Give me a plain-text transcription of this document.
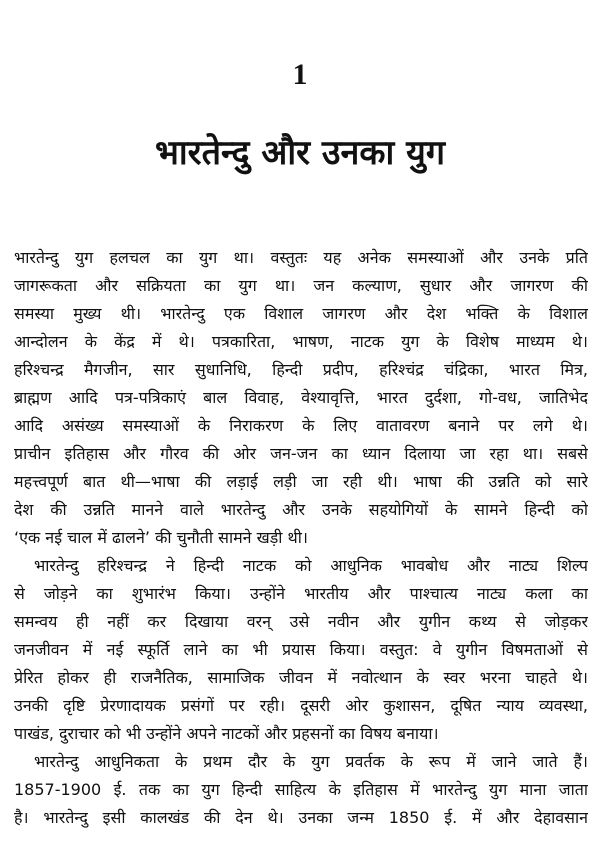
1
भारतेन्दु और उनका युग
भारतेन्दु युग हलचल का युग था। वस्तुतः यह अनेक समस्याओं और उनके प्रति
जागरूकता और सक्रियता का युग था। जन कल्याण, सुधार और जागरण की
समस्या मुख्य थी। भारतेन्दु एक विशाल जागरण और देश भक्ति के विशाल
आन्दोलन के केंद्र में थे। पत्रकारिता, भाषण, नाटक युग के विशेष माध्यम थे।
हरिश्चन्द्र मैगजीन, सार सुधानिधि, हिन्दी प्रदीप, हरिश्चंद्र चंद्रिका, भारत मित्र,
ब्राह्मण आदि पत्र-पत्रिकाएं बाल विवाह, वेश्यावृत्ति, भारत दुर्दशा, गो-वध, जातिभेद
आदि असंख्य समस्याओं के निराकरण के लिए वातावरण बनाने पर लगे थे।
प्राचीन इतिहास और गौरव की ओर जन-जन का ध्यान दिलाया जा रहा था। सबसे
महत्त्वपूर्ण बात थी—भाषा की लड़ाई लड़ी जा रही थी। भाषा की उन्नति को सारे
देश की उन्नति मानने वाले भारतेन्दु और उनके सहयोगियों के सामने हिन्दी को
‘एक नई चाल में ढालने’ की चुनौती सामने खड़ी थी।
भारतेन्दु हरिश्चन्द्र ने हिन्दी नाटक को आधुनिक भावबोध और नाट्य शिल्प
से जोड़ने का शुभारंभ किया। उन्होंने भारतीय और पाश्चात्य नाट्य कला का
समन्वय ही नहीं कर दिखाया वरन् उसे नवीन और युगीन कथ्य से जोड़कर
जनजीवन में नई स्फूर्ति लाने का भी प्रयास किया। वस्तुत: वे युगीन विषमताओं से
प्रेरित होकर ही राजनैतिक, सामाजिक जीवन में नवोत्थान के स्वर भरना चाहते थे।
उनकी दृष्टि प्रेरणादायक प्रसंगों पर रही। दूसरी ओर कुशासन, दूषित न्याय व्यवस्था,
पाखंड, दुराचार को भी उन्होंने अपने नाटकों और प्रहसनों का विषय बनाया।
भारतेन्दु आधुनिकता के प्रथम दौर के युग प्रवर्तक के रूप में जाने जाते हैं।
1857-1900 ई. तक का युग हिन्दी साहित्य के इतिहास में भारतेन्दु युग माना जाता
है। भारतेन्दु इसी कालखंड की देन थे। उनका जन्म 1850 ई. में और देहावसान
